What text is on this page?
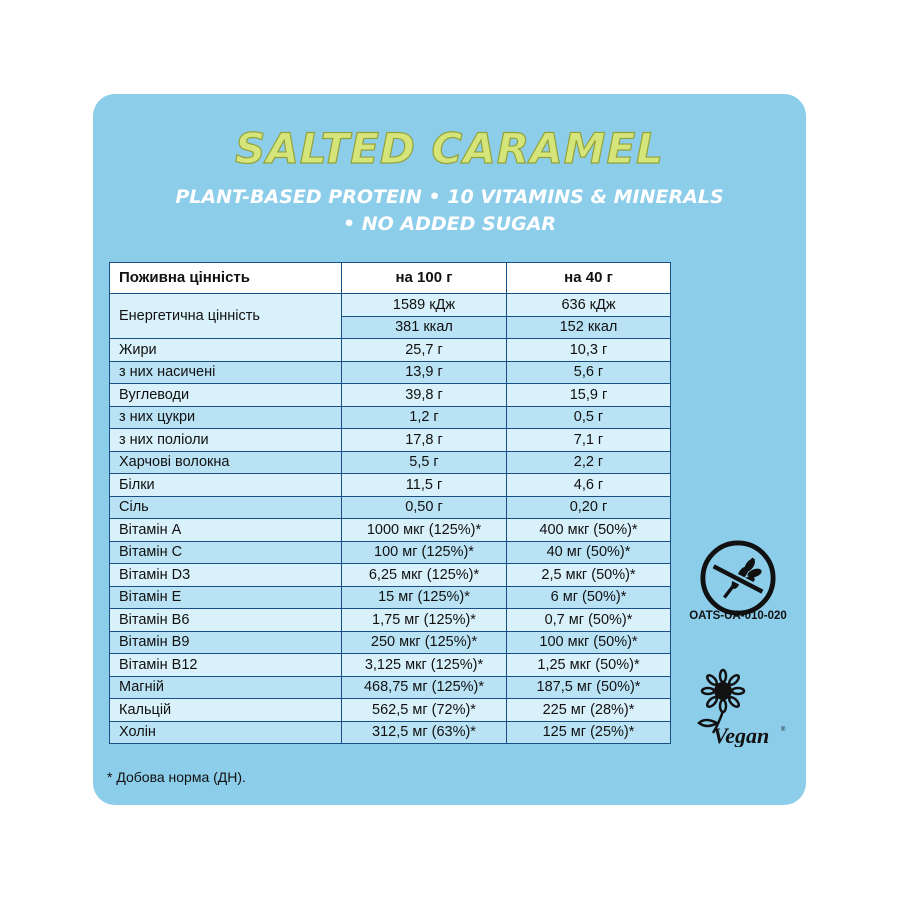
SALTED CARAMEL
PLANT-BASED PROTEIN • 10 VITAMINS & MINERALS
• NO ADDED SUGAR
Поживна цінність	на 100 г	на 40 г
Енергетична цінність	1589 кДж	636 кДж
	381 ккал	152 ккал
Жири	25,7 г	10,3 г
з них насичені	13,9 г	5,6 г
Вуглеводи	39,8 г	15,9 г
з них цукри	1,2 г	0,5 г
з них поліоли	17,8 г	7,1 г
Харчові волокна	5,5 г	2,2 г
Білки	11,5 г	4,6 г
Сіль	0,50 г	0,20 г
Вітамін А	1000 мкг (125%)*	400 мкг (50%)*
Вітамін С	100 мг (125%)*	40 мг (50%)*
Вітамін D3	6,25 мкг (125%)*	2,5 мкг (50%)*
Вітамін Е	15 мг (125%)*	6 мг (50%)*
Вітамін B6	1,75 мг (125%)*	0,7 мг (50%)*
Вітамін B9	250 мкг (125%)*	100 мкг (50%)*
Вітамін B12	3,125 мкг (125%)*	1,25 мкг (50%)*
Магній	468,75 мг (125%)*	187,5 мг (50%)*
Кальцій	562,5 мг (72%)*	225 мг (28%)*
Холін	312,5 мг (63%)*	125 мг (25%)*
* Добова норма (ДН).
OATS-UA-010-020
Vegan ®
